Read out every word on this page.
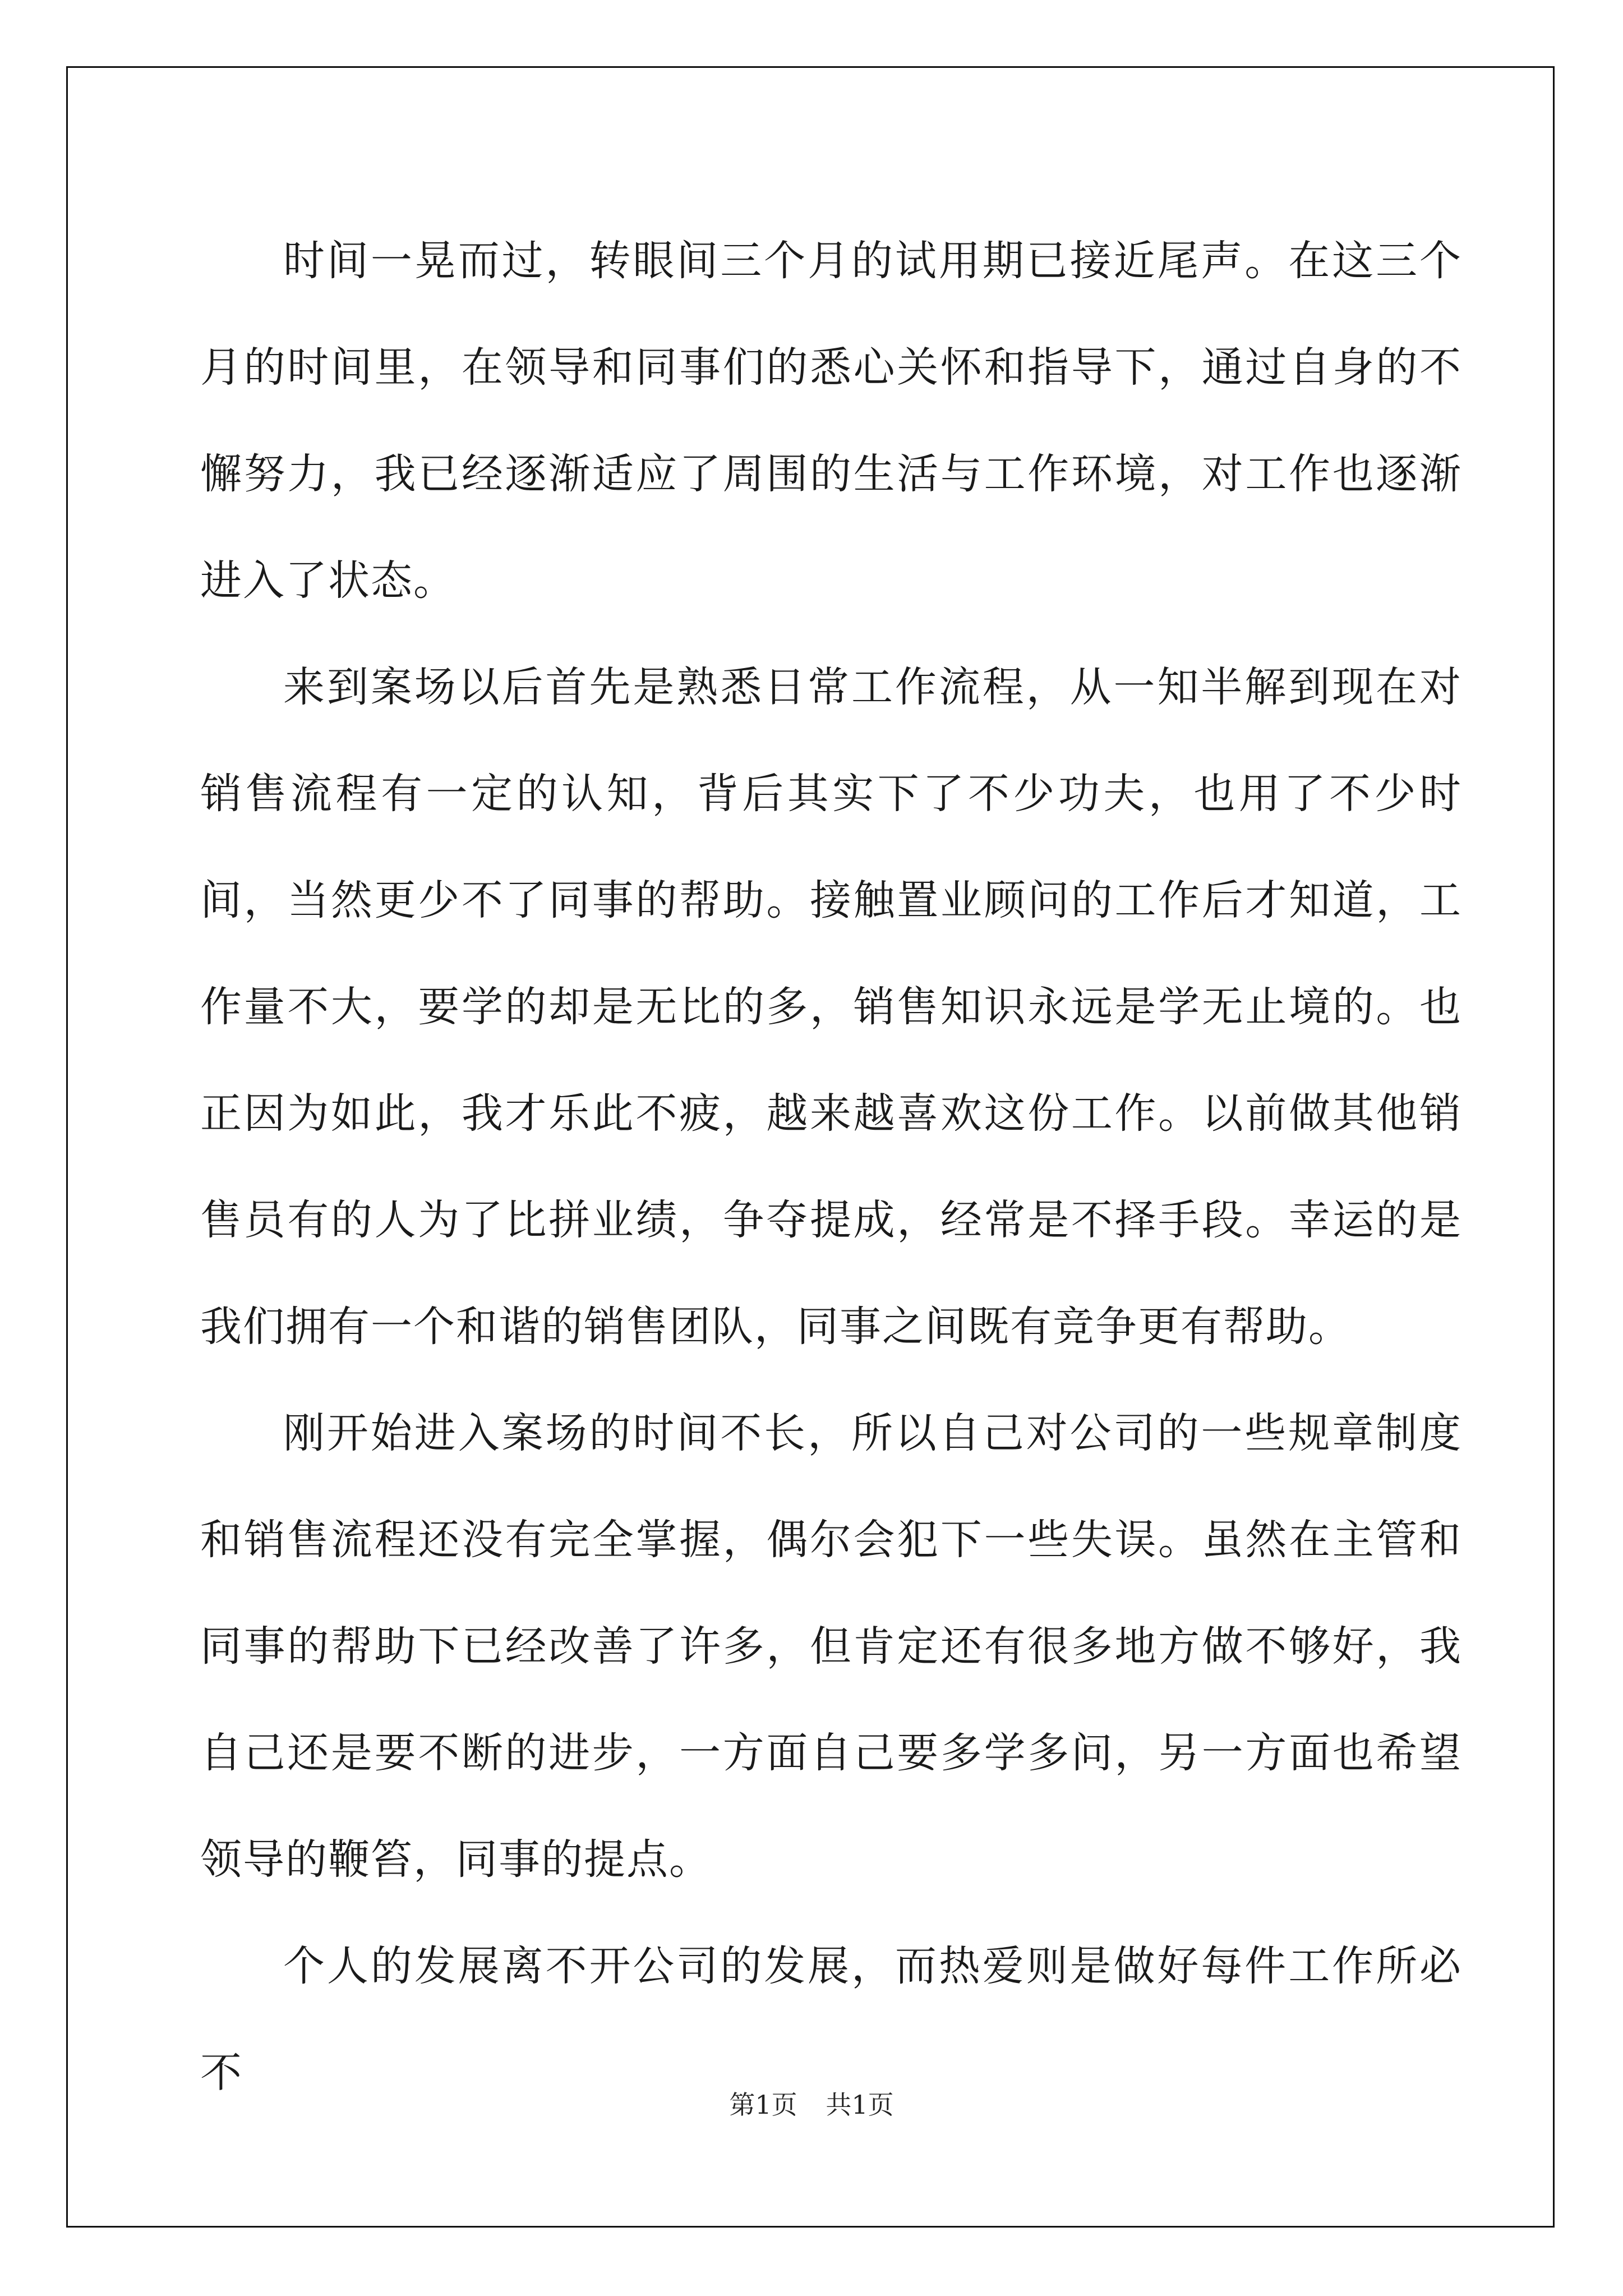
时间一晃而过，转眼间三个月的试用期已接近尾声。在这三个月的时间里，在领导和同事们的悉心关怀和指导下，通过自身的不懈努力，我已经逐渐适应了周围的生活与工作环境，对工作也逐渐进入了状态。

来到案场以后首先是熟悉日常工作流程，从一知半解到现在对销售流程有一定的认知，背后其实下了不少功夫，也用了不少时间，当然更少不了同事的帮助。接触置业顾问的工作后才知道，工作量不大，要学的却是无比的多，销售知识永远是学无止境的。也正因为如此，我才乐此不疲，越来越喜欢这份工作。以前做其他销售员有的人为了比拼业绩，争夺提成，经常是不择手段。幸运的是我们拥有一个和谐的销售团队，同事之间既有竞争更有帮助。

刚开始进入案场的时间不长，所以自己对公司的一些规章制度和销售流程还没有完全掌握，偶尔会犯下一些失误。虽然在主管和同事的帮助下已经改善了许多，但肯定还有很多地方做不够好，我自己还是要不断的进步，一方面自己要多学多问，另一方面也希望领导的鞭笞，同事的提点。

个人的发展离不开公司的发展，而热爱则是做好每件工作所必不

第1页 共1页
